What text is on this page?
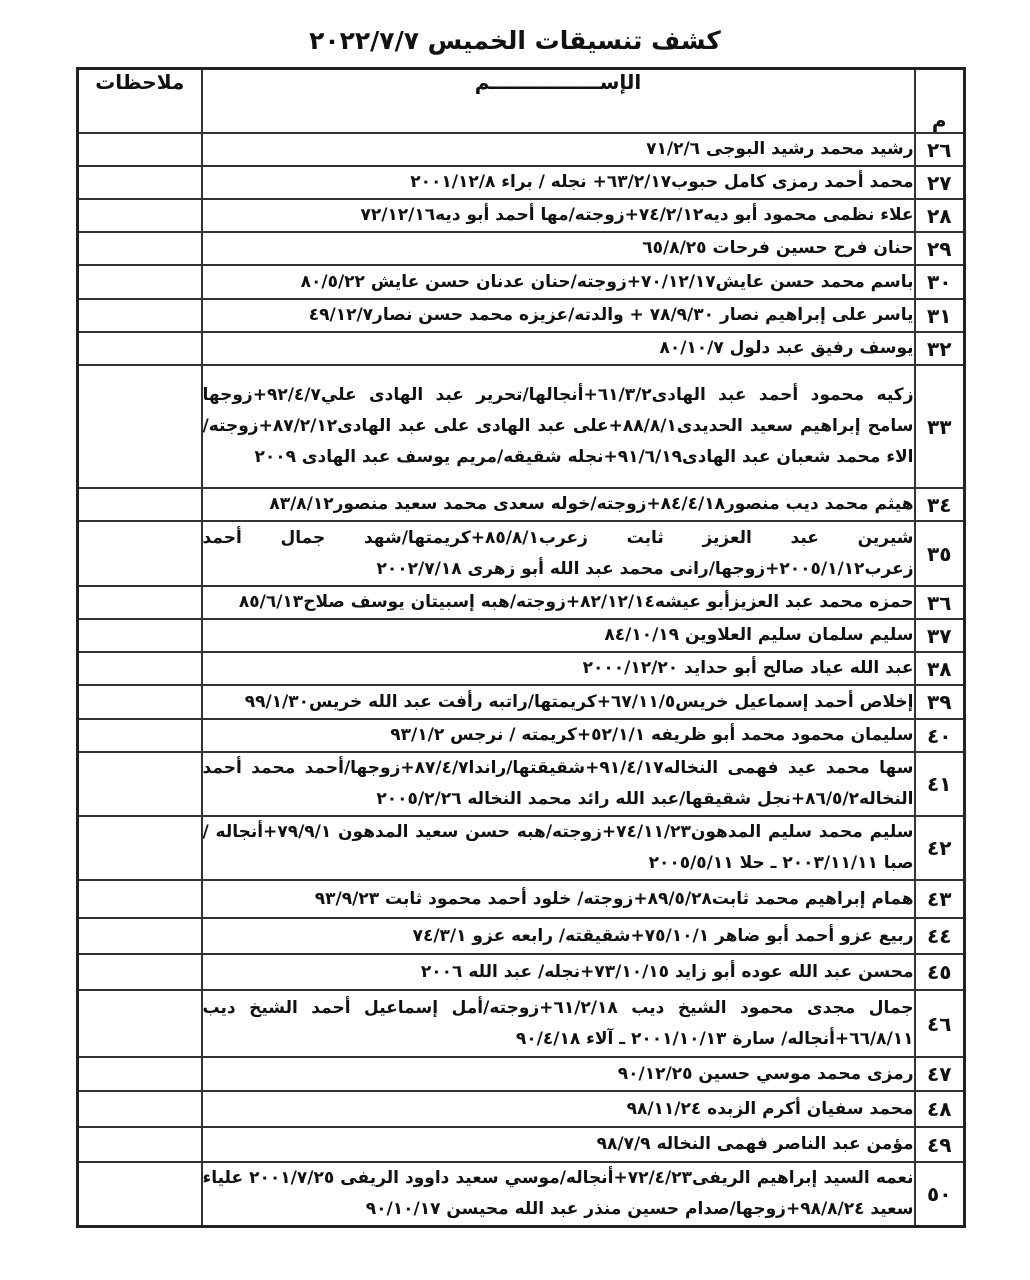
كشف تنسيقات الخميس ٢٠٢٢/٧/٧
م	الإســــــــــــــــم	ملاحظات
٢٦	رشيد محمد رشيد البوجى ٧١/٢/٦	
٢٧	محمد أحمد رمزى كامل حبوب٦٣/٢/١٧+ نجله / براء ٢٠٠١/١٢/٨	
٢٨	علاء نظمى محمود أبو ديه٧٤/٢/١٢+زوجته/مها أحمد أبو ديه٧٢/١٢/١٦	
٢٩	حنان فرح حسين فرحات ٦٥/٨/٢٥	
٣٠	باسم محمد حسن عايش٧٠/١٢/١٧+زوجته/حنان عدنان حسن عايش ٨٠/٥/٢٢	
٣١	ياسر على إبراهيم نصار ٧٨/٩/٣٠ + والدته/عزيزه محمد حسن نصار٤٩/١٢/٧	
٣٢	يوسف رفيق عبد دلول ٨٠/١٠/٧	
٣٣	زكيه محمود أحمد عبد الهادى٦١/٣/٢+أنجالها/تحرير عبد الهادى علي٩٢/٤/٧+زوجها سامح إبراهيم سعيد الحديدى٨٨/٨/١+على عبد الهادى على عبد الهادى٨٧/٢/١٢+زوجته/الاء محمد شعبان عبد الهادى٩١/٦/١٩+نجله شقيقه/مريم يوسف عبد الهادى ٢٠٠٩	
٣٤	هيثم محمد ديب منصور٨٤/٤/١٨+زوجته/خوله سعدى محمد سعيد منصور٨٣/٨/١٢	
٣٥	شيرين عبد العزيز ثابت زعرب٨٥/٨/١+كريمتها/شهد جمال أحمد زعرب٢٠٠٥/١/١٢+زوجها/رانى محمد عبد الله أبو زهرى ٢٠٠٢/٧/١٨	
٣٦	حمزه محمد عبد العزيزأبو عيشه٨٢/١٢/١٤+زوجته/هبه إسبيتان يوسف صلاح٨٥/٦/١٣	
٣٧	سليم سلمان سليم العلاوين ٨٤/١٠/١٩	
٣٨	عبد الله عياد صالح أبو حدايد ٢٠٠٠/١٢/٢٠	
٣٩	إخلاص أحمد إسماعيل خريس٦٧/١١/٥+كريمتها/راتبه رأفت عبد الله خريس٩٩/١/٣٠	
٤٠	سليمان محمود محمد أبو ظريفه ٥٢/١/١+كريمته / نرجس ٩٣/١/٢	
٤١	سها محمد عيد فهمى النخاله٩١/٤/١٧+شقيقتها/راندا٨٧/٤/٧+زوجها/أحمد محمد أحمد النخاله٨٦/٥/٢+نجل شقيقها/عبد الله رائد محمد النخاله ٢٠٠٥/٢/٢٦	
٤٢	سليم محمد سليم المدهون٧٤/١١/٢٣+زوجته/هبه حسن سعيد المدهون ٧٩/٩/١+أنجاله / صبا ٢٠٠٣/١١/١١ ـ حلا ٢٠٠٥/٥/١١	
٤٣	همام إبراهيم محمد ثابت٨٩/٥/٢٨+زوجته/ خلود أحمد محمود ثابت ٩٣/٩/٢٣	
٤٤	ربيع عزو أحمد أبو ضاهر ٧٥/١٠/١+شقيقته/ رابعه عزو ٧٤/٣/١	
٤٥	محسن عبد الله عوده أبو زايد ٧٣/١٠/١٥+نجله/ عبد الله ٢٠٠٦	
٤٦	جمال مجدى محمود الشيخ ديب ٦١/٢/١٨+زوجته/أمل إسماعيل أحمد الشيخ ديب ٦٦/٨/١١+أنجاله/ سارة ٢٠٠١/١٠/١٣ ـ آلاء ٩٠/٤/١٨	
٤٧	رمزى محمد موسي حسين ٩٠/١٢/٢٥	
٤٨	محمد سفيان أكرم الزبده ٩٨/١١/٢٤	
٤٩	مؤمن عبد الناصر فهمى النخاله ٩٨/٧/٩	
٥٠	نعمه السيد إبراهيم الريفى٧٢/٤/٢٣+أنجاله/موسي سعيد داوود الريفى ٢٠٠١/٧/٢٥ علياء سعيد ٩٨/٨/٢٤+زوجها/صدام حسين منذر عبد الله محيسن ٩٠/١٠/١٧	
